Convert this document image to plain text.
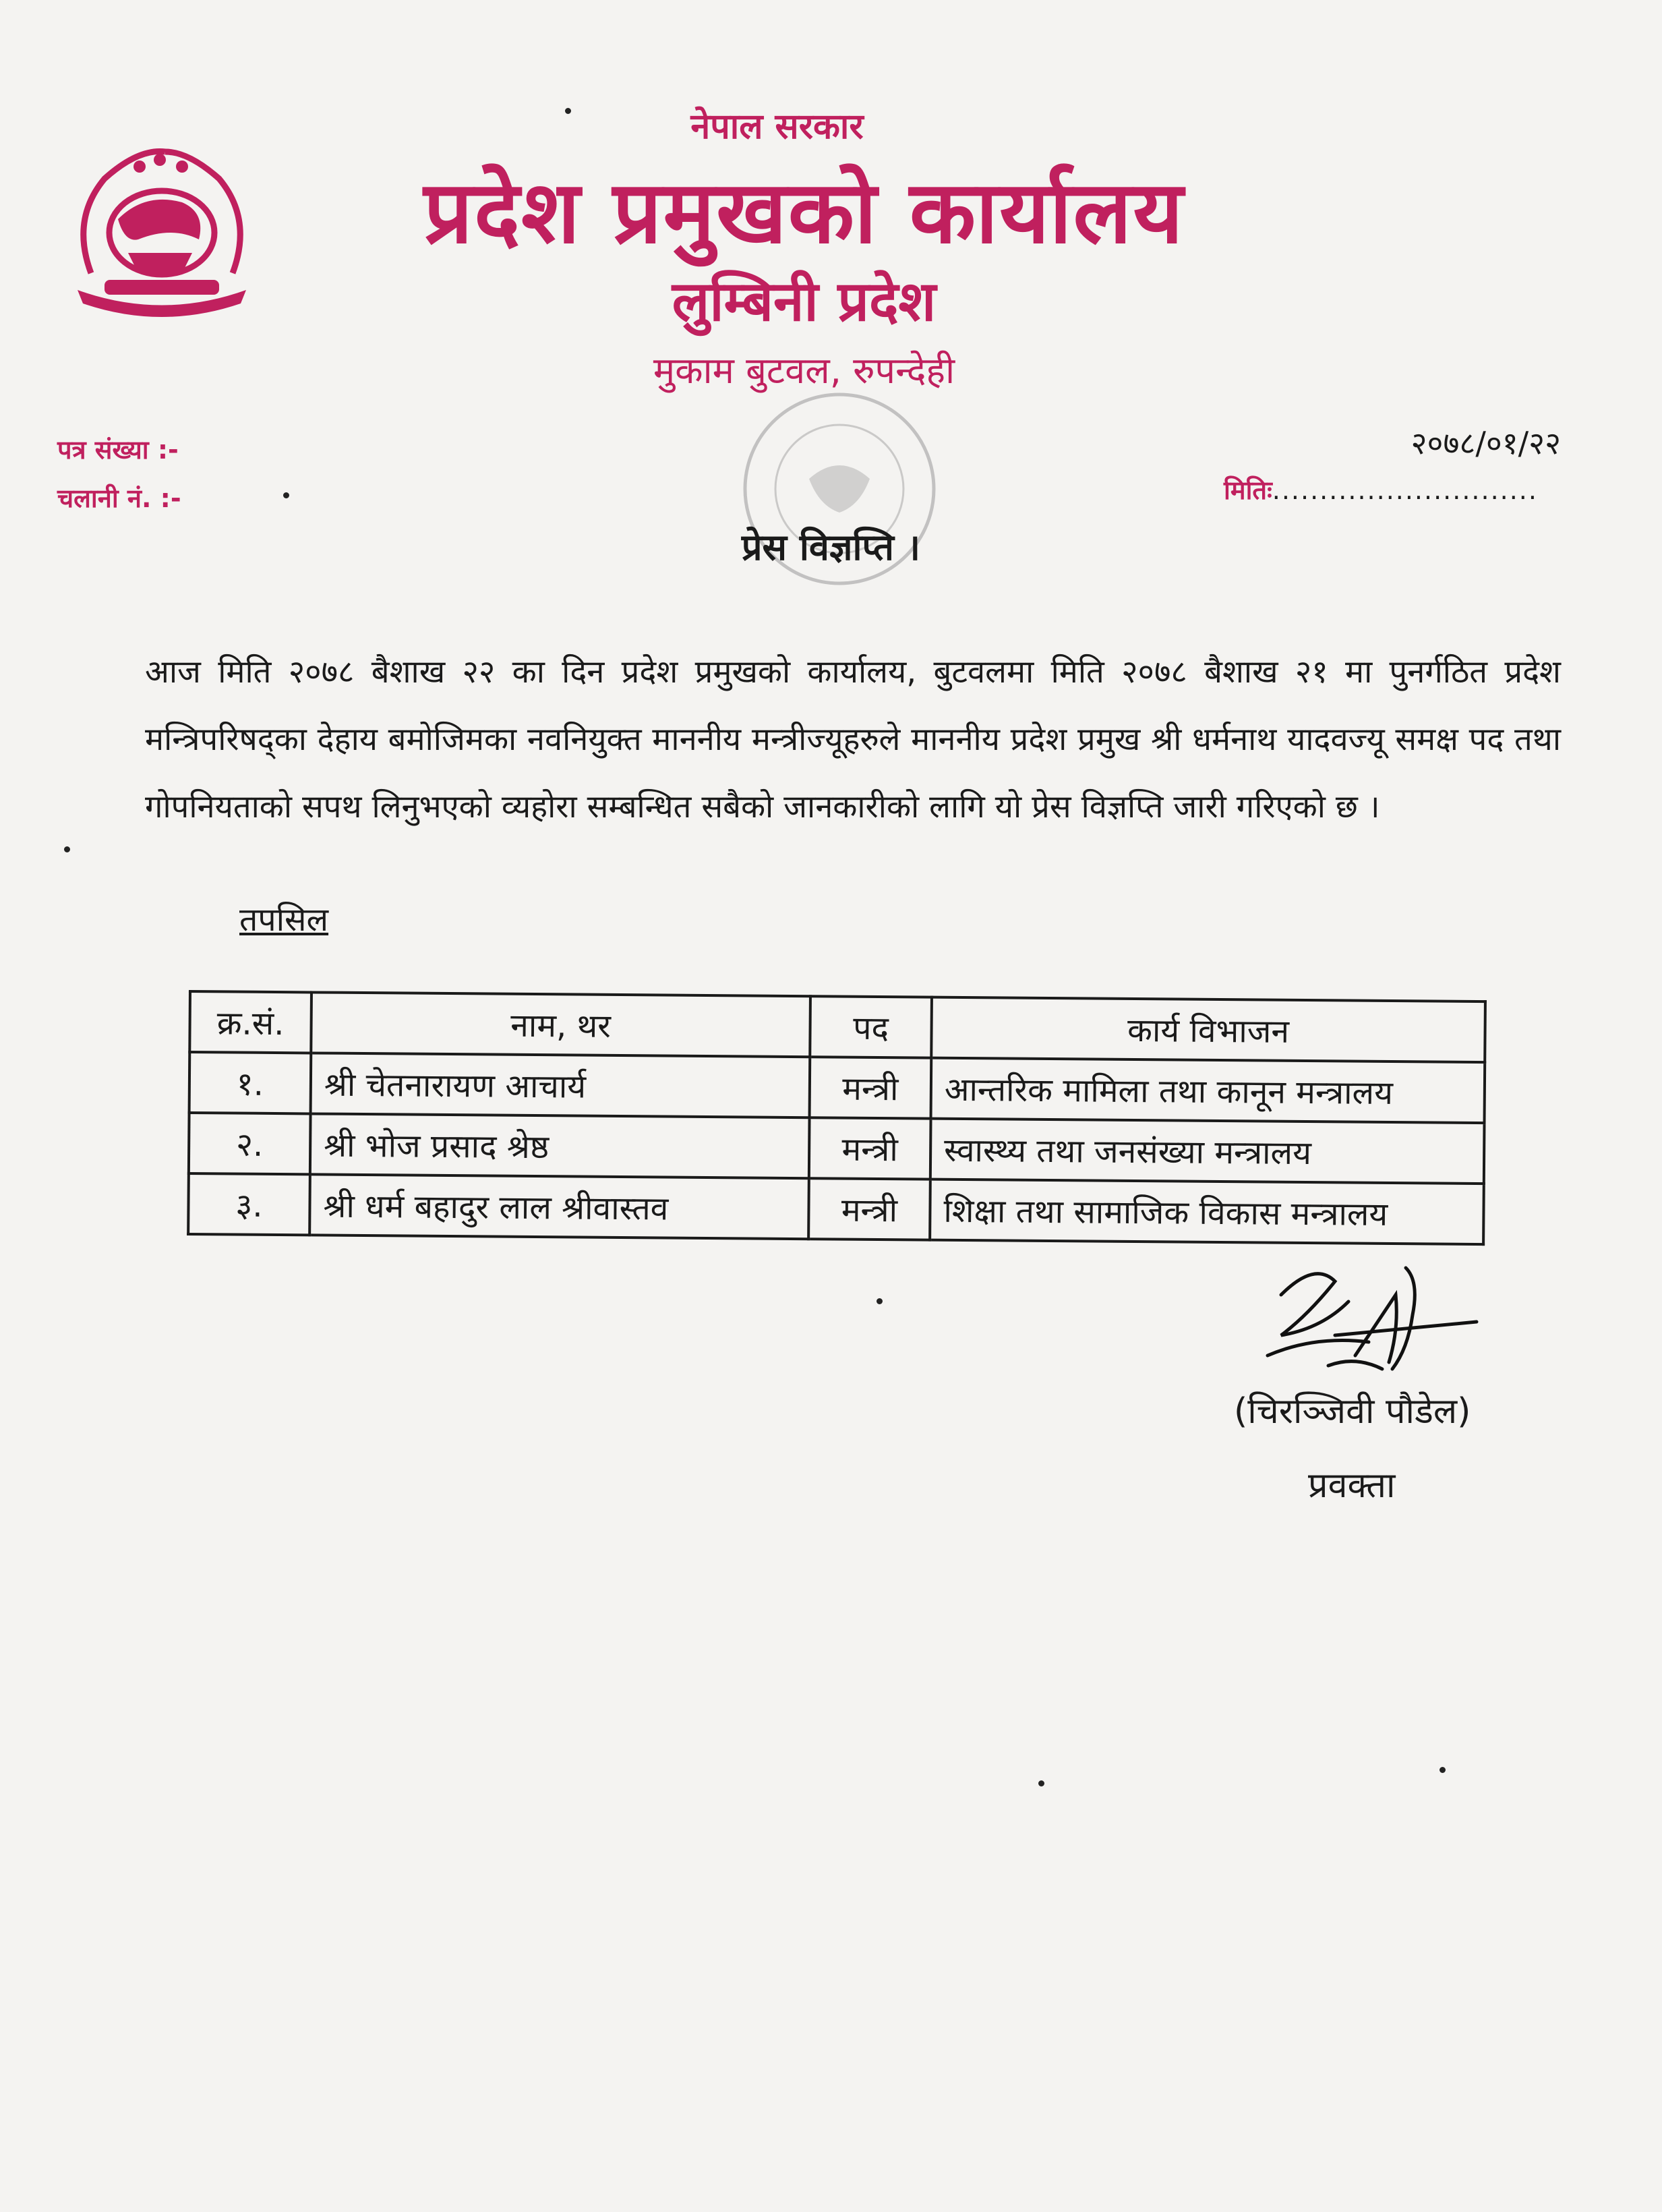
नेपाल सरकार
प्रदेश प्रमुखको कार्यालय
लुम्बिनी प्रदेश
मुकाम बुटवल, रुपन्देही
पत्र संख्या :-
चलानी नं. :-
२०७८/०१/२२
मितिः............................
प्रेस विज्ञप्ति ।

आज मिति २०७८ बैशाख २२ का दिन प्रदेश प्रमुखको कार्यालय, बुटवलमा मिति २०७८ बैशाख २१ मा पुनर्गठित प्रदेश मन्त्रिपरिषद्का देहाय बमोजिमका नवनियुक्त माननीय मन्त्रीज्यूहरुले माननीय प्रदेश प्रमुख श्री धर्मनाथ यादवज्यू समक्ष पद तथा गोपनियताको सपथ लिनुभएको व्यहोरा सम्बन्धित सबैको जानकारीको लागि यो प्रेस विज्ञप्ति जारी गरिएको छ ।

तपसिल
क्र.सं.	नाम, थर	पद	कार्य विभाजन
१.	श्री चेतनारायण आचार्य	मन्त्री	आन्तरिक मामिला तथा कानून मन्त्रालय
२.	श्री भोज प्रसाद श्रेष्ठ	मन्त्री	स्वास्थ्य तथा जनसंख्या मन्त्रालय
३.	श्री धर्म बहादुर लाल श्रीवास्तव	मन्त्री	शिक्षा तथा सामाजिक विकास मन्त्रालय
(चिरञ्जिवी पौडेल)
प्रवक्ता
